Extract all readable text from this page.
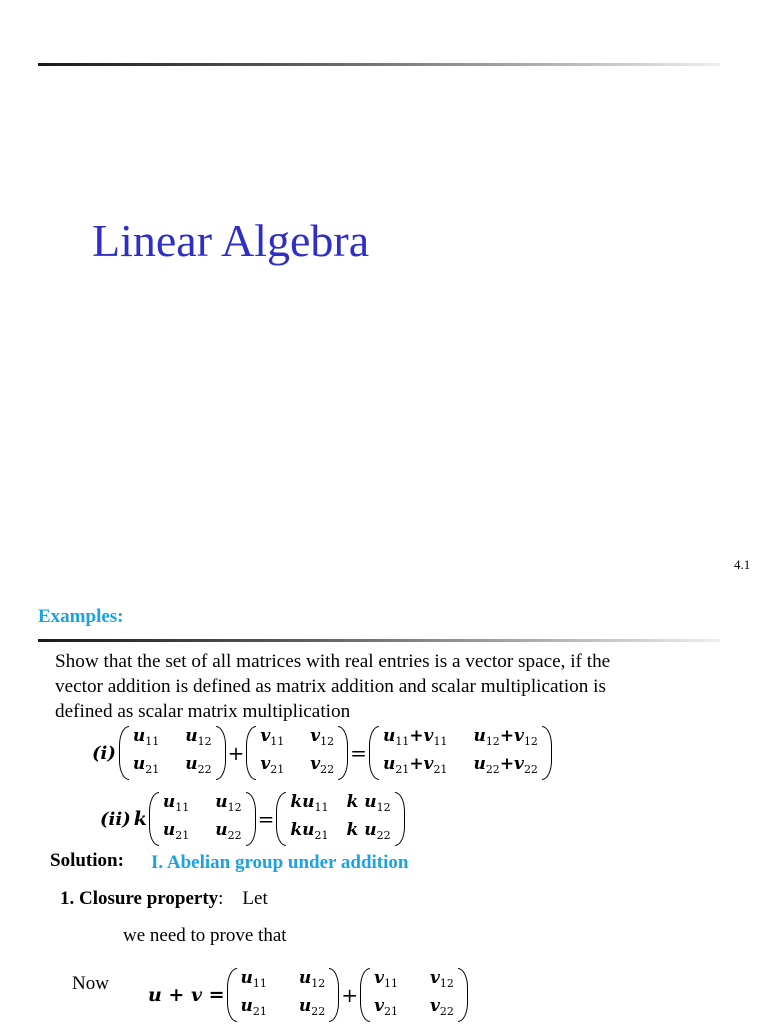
Linear Algebra
4.1
Examples:
Show that the set of all matrices with real entries is a vector space, if the
vector addition is defined as matrix addition and scalar multiplication is
defined as scalar matrix multiplication
(i)
$u_{11}$ $u_{12}$
$u_{21}$ $u_{22}$
+
$v_{11}$ $v_{12}$
$v_{21}$ $v_{22}$
=
$u_{11}+v_{11}$ $u_{12}+v_{12}$
$u_{21}+v_{21}$ $u_{22}+v_{22}$
(ii) k
$u_{11}$ $u_{12}$
$u_{21}$ $u_{22}$
=
$ku_{11}$ k $u_{12}$
$ku_{21}$ k $u_{22}$
Solution: I. Abelian group under addition
1. Closure property:    Let
we need to prove that
Now
u + v =
$u_{11}$ $u_{12}$
$u_{21}$ $u_{22}$
+
$v_{11}$ $v_{12}$
$v_{21}$ $v_{22}$
